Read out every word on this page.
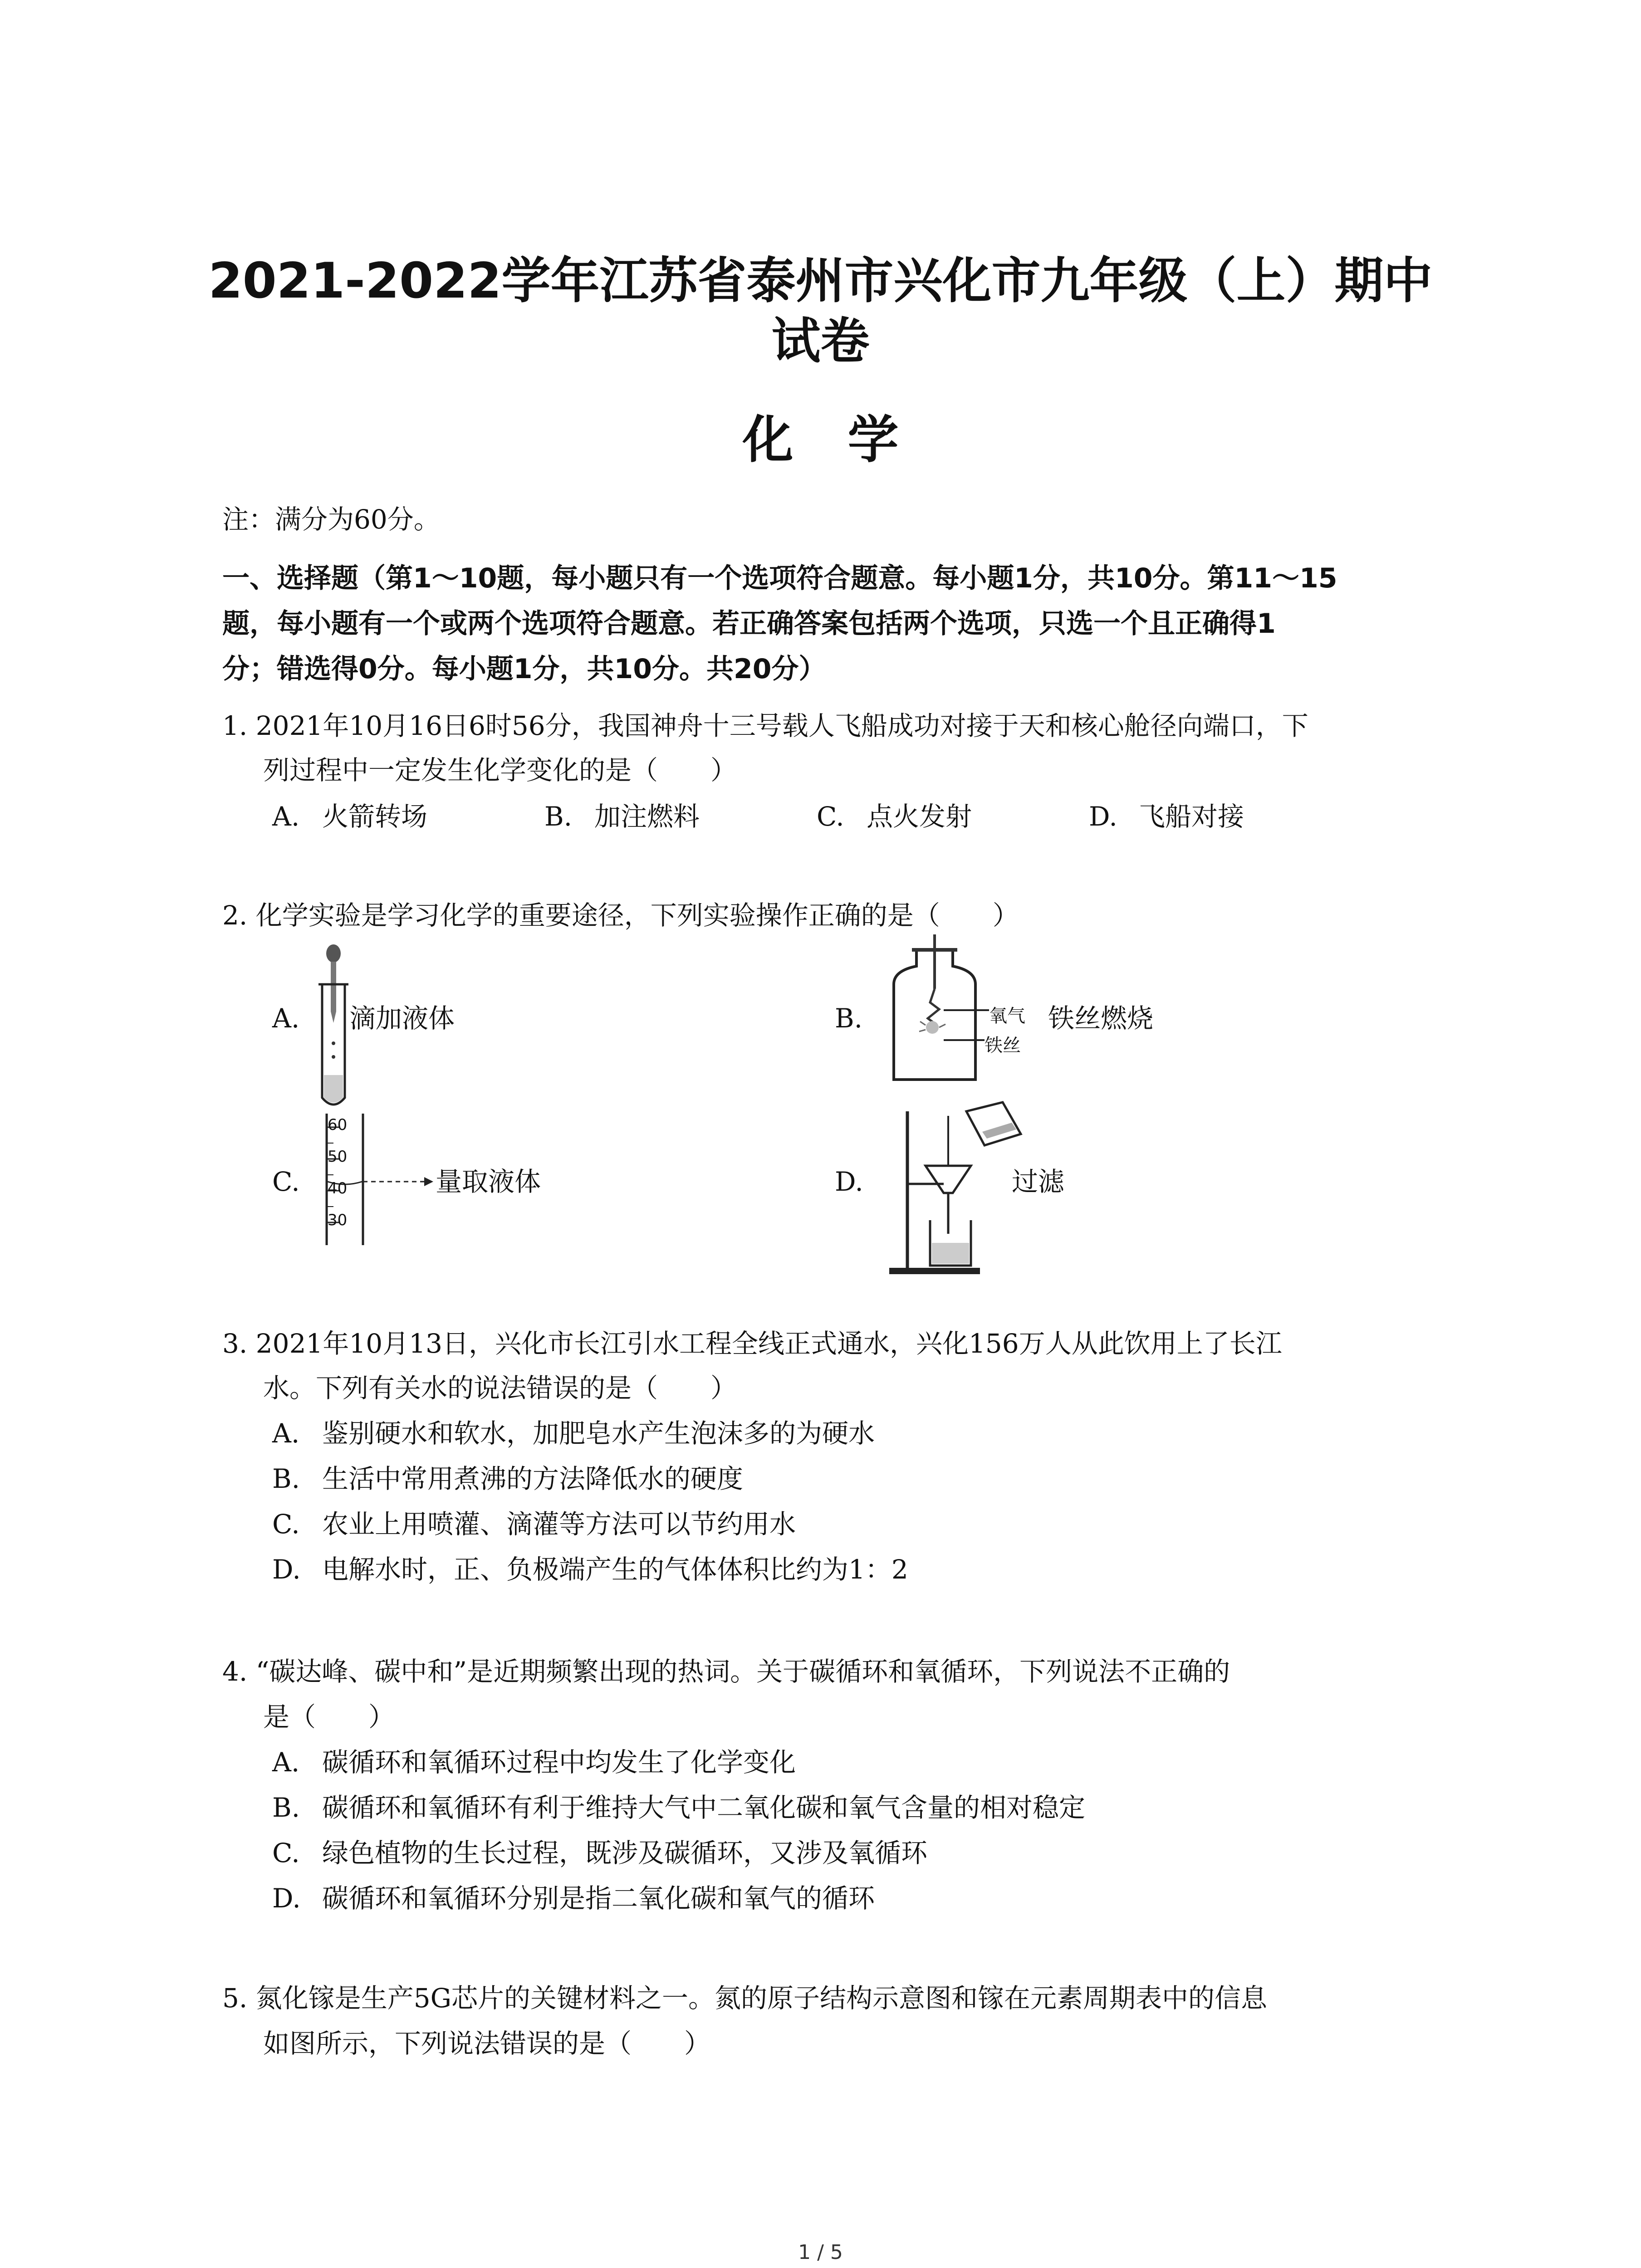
2021-2022学年江苏省泰州市兴化市九年级（上）期中
试卷
化学
注：满分为60分。
一、选择题（第1～10题，每小题只有一个选项符合题意。每小题1分，共10分。第11～15
题，每小题有一个或两个选项符合题意。若正确答案包括两个选项，只选一个且正确得1
分；错选得0分。每小题1分，共10分。共20分）
1. 2021年10月16日6时56分，我国神舟十三号载人飞船成功对接于天和核心舱径向端口，下
列过程中一定发生化学变化的是（　　）
A. 火箭转场	B. 加注燃料	C. 点火发射	D. 飞船对接
2. 化学实验是学习化学的重要途径，下列实验操作正确的是（　　）
A. 滴加液体	B.	氧气
铁丝
铁丝燃烧
C.
60
50
40
30
量取液体	D.	过滤
3. 2021年10月13日，兴化市长江引水工程全线正式通水，兴化156万人从此饮用上了长江
水。下列有关水的说法错误的是（　　）
A. 鉴别硬水和软水，加肥皂水产生泡沫多的为硬水
B. 生活中常用煮沸的方法降低水的硬度
C. 农业上用喷灌、滴灌等方法可以节约用水
D. 电解水时，正、负极端产生的气体体积比约为1：2
4. “碳达峰、碳中和”是近期频繁出现的热词。关于碳循环和氧循环，下列说法不正确的
是（　　）
A. 碳循环和氧循环过程中均发生了化学变化
B. 碳循环和氧循环有利于维持大气中二氧化碳和氧气含量的相对稳定
C. 绿色植物的生长过程，既涉及碳循环，又涉及氧循环
D. 碳循环和氧循环分别是指二氧化碳和氧气的循环
5. 氮化镓是生产5G芯片的关键材料之一。氮的原子结构示意图和镓在元素周期表中的信息
如图所示，下列说法错误的是（　　）
1 / 5
